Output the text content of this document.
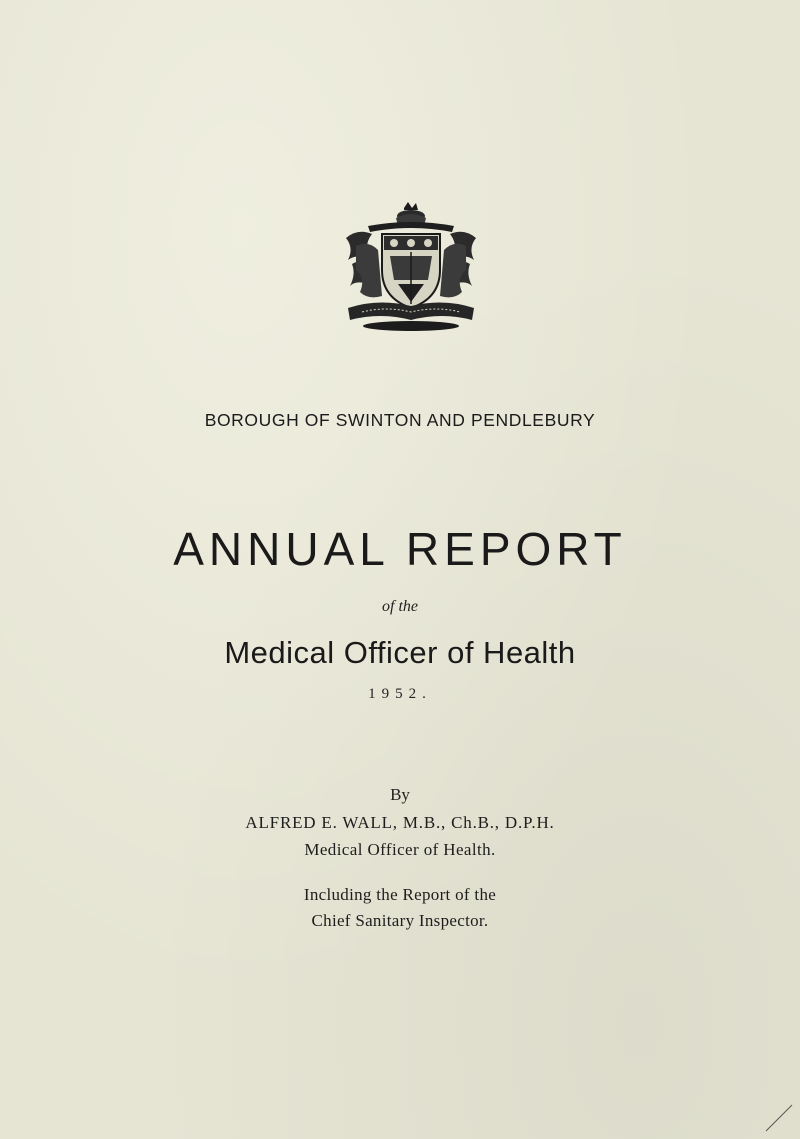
BOROUGH OF SWINTON AND PENDLEBURY
ANNUAL REPORT
of the
Medical Officer of Health
1952.
By
ALFRED E. WALL, M.B., Ch.B., D.P.H.
Medical Officer of Health.
Including the Report of the
Chief Sanitary Inspector.
